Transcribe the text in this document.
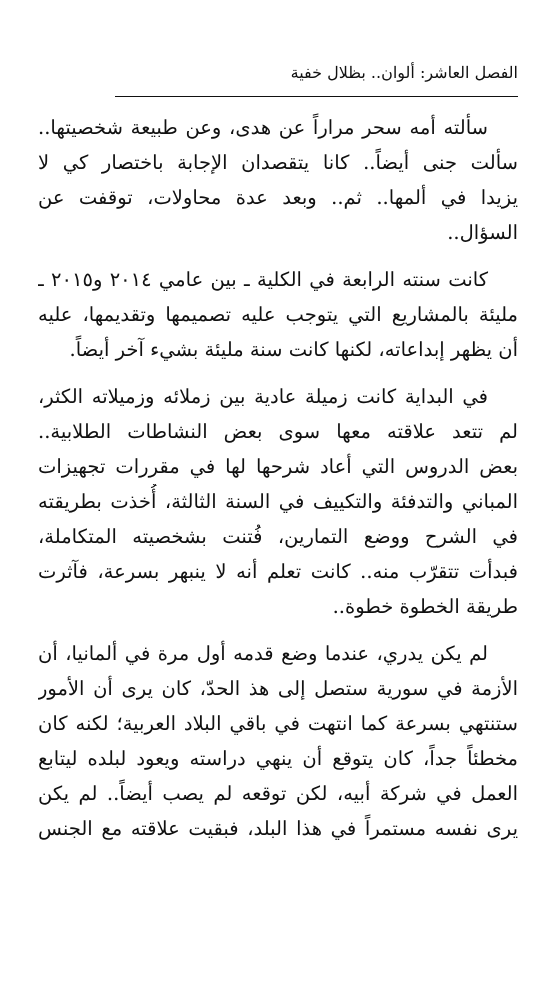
الفصل العاشر: ألوان.. بظلال خفية
سألته أمه سحر مراراً عن هدى، وعن طبيعة شخصيتها..
سألت جنى أيضاً.. كانا يتقصدان الإجابة باختصار كي لا
يزيدا في ألمها.. ثم.. وبعد عدة محاولات، توقفت عن
السؤال..
كانت سنته الرابعة في الكلية ـ بين عامي ٢٠١٤ و٢٠١٥ ـ
مليئة بالمشاريع التي يتوجب عليه تصميمها وتقديمها، عليه
أن يظهر إبداعاته، لكنها كانت سنة مليئة بشيء آخر أيضاً.
في البداية كانت زميلة عادية بين زملائه وزميلاته الكثر،
لم تتعد علاقته معها سوى بعض النشاطات الطلابية..
بعض الدروس التي أعاد شرحها لها في مقررات تجهيزات
المباني والتدفئة والتكييف في السنة الثالثة، أُخذت بطريقته
في الشرح ووضع التمارين، فُتنت بشخصيته المتكاملة،
فبدأت تتقرّب منه.. كانت تعلم أنه لا ينبهر بسرعة، فآثرت
طريقة الخطوة خطوة..
لم يكن يدري، عندما وضع قدمه أول مرة في ألمانيا، أن
الأزمة في سورية ستصل إلى هذ الحدّ، كان يرى أن الأمور
ستنتهي بسرعة كما انتهت في باقي البلاد العربية؛ لكنه كان
مخطئاً جداً، كان يتوقع أن ينهي دراسته ويعود لبلده ليتابع
العمل في شركة أبيه، لكن توقعه لم يصب أيضاً.. لم يكن
يرى نفسه مستمراً في هذا البلد، فبقيت علاقته مع الجنس
